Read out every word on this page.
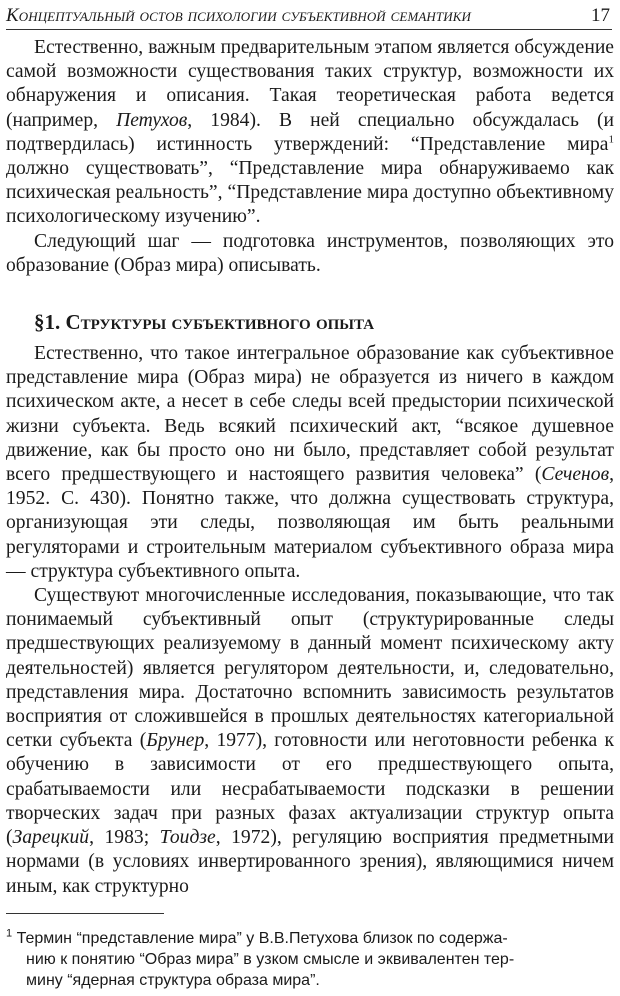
Концептуальный остов психологии субъективной семантики	17

Естественно, важным предварительным этапом является обсуждение самой возможности существования таких структур, возможности их обнаружения и описания. Такая теоретическая работа ведется (например, Петухов, 1984). В ней специально обсуждалась (и подтвердилась) истинность утверждений: “Представление мира$^1$ должно существовать”, “Представление мира обнаруживаемо как психическая реальность”, “Представление мира доступно объективному психологическому изучению”.

Следующий шаг — подготовка инструментов, позволяющих это образование (Образ мира) описывать.

§1. Структуры субъективного опыта

Естественно, что такое интегральное образование как субъективное представление мира (Образ мира) не образуется из ничего в каждом психическом акте, а несет в себе следы всей предыстории психической жизни субъекта. Ведь всякий психический акт, “всякое душевное движение, как бы просто оно ни было, представляет собой результат всего предшествующего и настоящего развития человека” (Сеченов, 1952. С. 430). Понятно также, что должна существовать структура, организующая эти следы, позволяющая им быть реальными регуляторами и строительным материалом субъективного образа мира — структура субъективного опыта.

Существуют многочисленные исследования, показывающие, что так понимаемый субъективный опыт (структурированные следы предшествующих реализуемому в данный момент психическому акту деятельностей) является регулятором деятельности, и, следовательно, представления мира. Достаточно вспомнить зависимость результатов восприятия от сложившейся в прошлых деятельностях категориальной сетки субъекта (Брунер, 1977), готовности или неготовности ребенка к обучению в зависимости от его предшествующего опыта, срабатываемости или несрабатываемости подсказки в решении творческих задач при разных фазах актуализации структур опыта (Зарецкий, 1983; Тоидзе, 1972), регуляцию восприятия предметными нормами (в условиях инвертированного зрения), являющимися ничем иным, как структурно

$^1$ Термин “представление мира” у В.В.Петухова близок по содержа-
нию к понятию “Образ мира” в узком смысле и эквивалентен тер-
мину “ядерная структура образа мира”.
